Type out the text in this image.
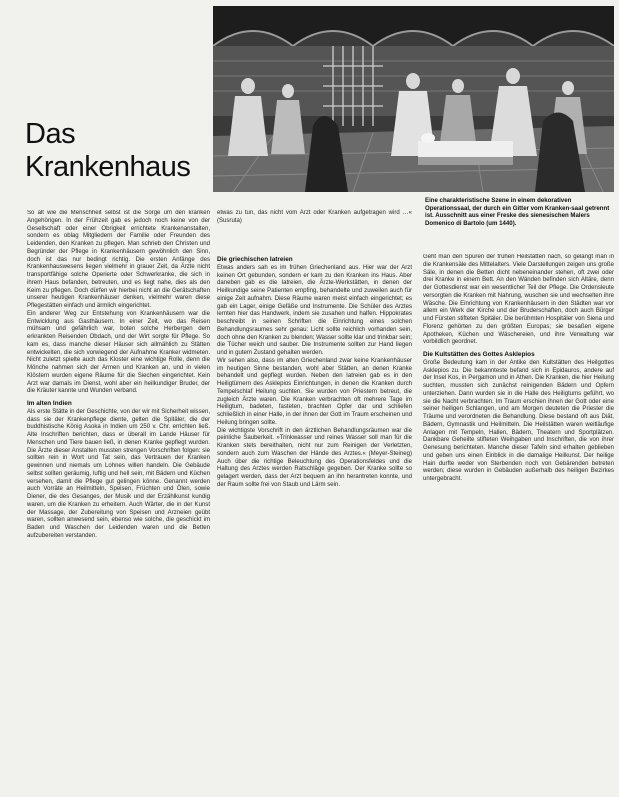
Das
Krankenhaus
Eine charakteristische Szene in einem dekorativen Operationssaal, der durch ein Gitter vom Kranken-saal getrennt ist. Ausschnitt aus einer Freske des sienesischen Malers Domenico di Bartolo (um 1440).

So alt wie die Menschheit selbst ist die Sorge um den kranken Angehörigen. In der Frühzeit gab es jedoch noch keine von der Gesellschaft oder einer Obrigkeit errichtete Krankenanstalten, sondern es oblag Mitgliedern der Familie oder Freunden des Leidenden, den Kranken zu pflegen. Man schrieb den Christen und Begründer der Pflege in Krankenhäusern gewöhnlich den Sinn, doch ist das nur bedingt richtig. Die ersten Anfänge des Krankenhauswesens liegen vielmehr in grauer Zeit, da Ärzte nicht transportfähige solche Operierte oder Schwerkranke, die sich in ihrem Haus befanden, betreuten, und es liegt nahe, dies als den Keim zu pflegen. Doch dürfen wir hierbei nicht an die Gerätschaften unserer heutigen Krankenhäuser denken, vielmehr waren diese Pflegestätten einfach und ärmlich eingerichtet.

Ein anderer Weg zur Entstehung von Krankenhäusern war die Entwicklung aus Gasthäusern. In einer Zeit, wo das Reisen mühsam und gefährlich war, boten solche Herbergen dem erkrankten Reisenden Obdach, und der Wirt sorgte für Pflege. So kam es, dass manche dieser Häuser sich allmählich zu Stätten entwickelten, die sich vorwiegend der Aufnahme Kranker widmeten. Nicht zuletzt spielte auch das Kloster eine wichtige Rolle, denn die Mönche nahmen sich der Armen und Kranken an, und in vielen Klöstern wurden eigene Räume für die Siechen eingerichtet. Kein Arzt war damals im Dienst, wohl aber ein heilkundiger Bruder, der die Kräuter kannte und Wunden verband.

Im alten Indien

Als erste Stätte in der Geschichte, von der wir mit Sicherheit wissen, dass sie der Krankenpflege diente, gelten die Spitäler, die der buddhistische König Asoka in Indien um 250 v. Chr. errichten ließ. Alte Inschriften berichten, dass er überall im Lande Häuser für Menschen und Tiere bauen ließ, in denen Kranke gepflegt wurden. Die Ärzte dieser Anstalten mussten strengen Vorschriften folgen: sie sollten rein in Wort und Tat sein, das Vertrauen der Kranken gewinnen und niemals um Lohnes willen handeln. Die Gebäude selbst sollten geräumig, luftig und hell sein, mit Bädern und Küchen versehen, damit die Pflege gut gelingen könne. Genannt werden auch Vorräte an Heilmitteln, Speisen, Früchten und Ölen, sowie Diener, die des Gesanges, der Musik und der Erzählkunst kundig waren, um die Kranken zu erheitern. Auch Wärter, die in der Kunst der Massage, der Zubereitung von Speisen und Arzneien geübt waren, sollten anwesend sein, ebenso wie solche, die geschickt im Baden und Waschen der Leidenden waren und die Betten aufzubereiten verstanden.

etwas zu tun, das nicht vom Arzt oder Kranken aufgetragen wird …« (Susruta)
Die griechischen Iatreien

Etwas anders sah es im frühen Griechenland aus. Hier war der Arzt keinen Ort gebunden, sondern er kam zu den Kranken ins Haus. Aber daneben gab es die Iatreien, die Ärzte-Werkstätten, in denen der Heilkundige seine Patienten empfing, behandelte und zuweilen auch für einige Zeit aufnahm. Diese Räume waren meist einfach eingerichtet; es gab ein Lager, einige Gefäße und Instrumente. Die Schüler des Arztes lernten hier das Handwerk, indem sie zusahen und halfen. Hippokrates beschreibt in seinen Schriften die Einrichtung eines solchen Behandlungsraumes sehr genau: Licht sollte reichlich vorhanden sein, doch ohne den Kranken zu blenden; Wasser sollte klar und trinkbar sein; die Tücher weich und sauber. Die Instrumente sollten zur Hand liegen und in gutem Zustand gehalten werden.

Wir sehen also, dass im alten Griechenland zwar keine Krankenhäuser im heutigen Sinne bestanden, wohl aber Stätten, an denen Kranke behandelt und gepflegt wurden. Neben den Iatreien gab es in den Heiligtümern des Asklepios Einrichtungen, in denen die Kranken durch Tempelschlaf Heilung suchten. Sie wurden von Priestern betreut, die zugleich Ärzte waren. Die Kranken verbrachten oft mehrere Tage im Heiligtum, badeten, fasteten, brachten Opfer dar und schliefen schließlich in einer Halle, in der ihnen der Gott im Traum erscheinen und Heilung bringen sollte.

Die wichtigste Vorschrift in den ärztlichen Behandlungsräumen war die peinliche Sauberkeit. »Trinkwasser und reines Wasser soll man für die Kranken stets bereithalten, nicht nur zum Reinigen der Verletzten, sondern auch zum Waschen der Hände des Arztes.« (Meyer-Steineg) Auch über die richtige Beleuchtung des Operationsfeldes und die Haltung des Arztes werden Ratschläge gegeben. Der Kranke sollte so gelagert werden, dass der Arzt bequem an ihn herantreten konnte, und der Raum sollte frei von Staub und Lärm sein.

Geht man den Spuren der frühen Heilstätten nach, so gelangt man in die Krankensäle des Mittelalters. Viele Darstellungen zeigen uns große Säle, in denen die Betten dicht nebeneinander stehen, oft zwei oder drei Kranke in einem Bett. An den Wänden befinden sich Altäre, denn der Gottesdienst war ein wesentlicher Teil der Pflege. Die Ordensleute versorgten die Kranken mit Nahrung, wuschen sie und wechselten ihre Wäsche. Die Einrichtung von Krankenhäusern in den Städten war vor allem ein Werk der Kirche und der Bruderschaften, doch auch Bürger und Fürsten stifteten Spitäler. Die berühmten Hospitäler von Siena und Florenz gehörten zu den größten Europas; sie besaßen eigene Apotheken, Küchen und Wäschereien, und ihre Verwaltung war vorbildlich geordnet.

Die Kultstätten des Gottes Asklepios

Große Bedeutung kam in der Antike den Kultstätten des Heilgottes Asklepios zu. Die bekannteste befand sich in Epidauros, andere auf der Insel Kos, in Pergamon und in Athen. Die Kranken, die hier Heilung suchten, mussten sich zunächst reinigenden Bädern und Opfern unterziehen. Dann wurden sie in die Halle des Heiligtums geführt, wo sie die Nacht verbrachten. Im Traum erschien ihnen der Gott oder eine seiner heiligen Schlangen, und am Morgen deuteten die Priester die Träume und verordneten die Behandlung. Diese bestand oft aus Diät, Bädern, Gymnastik und Heilmitteln. Die Heilstätten waren weitläufige Anlagen mit Tempeln, Hallen, Bädern, Theatern und Sportplätzen. Dankbare Geheilte stifteten Weihgaben und Inschriften, die von ihrer Genesung berichteten. Manche dieser Tafeln sind erhalten geblieben und geben uns einen Einblick in die damalige Heilkunst. Der heilige Hain durfte weder von Sterbenden noch von Gebärenden betreten werden; diese wurden in Gebäuden außerhalb des heiligen Bezirkes untergebracht.
